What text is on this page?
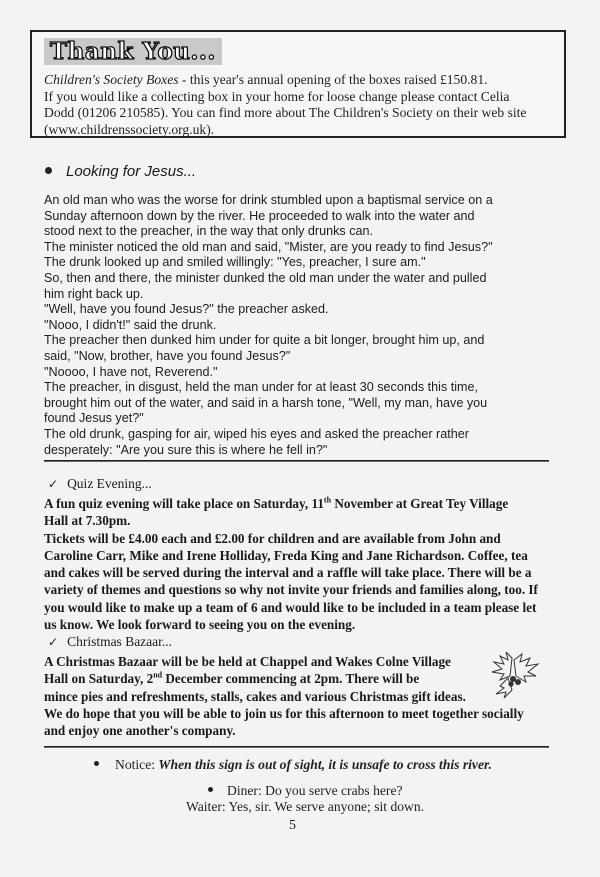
Thank You...
Children's Society Boxes - this year's annual opening of the boxes raised £150.81.
If you would like a collecting box in your home for loose change please contact Celia
Dodd (01206 210585). You can find more about The Children's Society on their web site
(www.childrenssociety.org.uk).
Looking for Jesus...

An old man who was the worse for drink stumbled upon a baptismal service on a

Sunday afternoon down by the river. He proceeded to walk into the water and

stood next to the preacher, in the way that only drunks can.

The minister noticed the old man and said, "Mister, are you ready to find Jesus?"

The drunk looked up and smiled willingly: "Yes, preacher, I sure am."

So, then and there, the minister dunked the old man under the water and pulled

him right back up.

"Well, have you found Jesus?" the preacher asked.

"Nooo, I didn't!" said the drunk.

The preacher then dunked him under for quite a bit longer, brought him up, and

said, "Now, brother, have you found Jesus?"

"Noooo, I have not, Reverend."

The preacher, in disgust, held the man under for at least 30 seconds this time,

brought him out of the water, and said in a harsh tone, "Well, my man, have you

found Jesus yet?"

The old drunk, gasping for air, wiped his eyes and asked the preacher rather

desperately: "Are you sure this is where he fell in?"

✓ Quiz Evening...
A fun quiz evening will take place on Saturday, 11th November at Great Tey Village
Hall at 7.30pm.
Tickets will be £4.00 each and £2.00 for children and are available from John and Caroline Carr, Mike and Irene Holliday, Freda King and Jane Richardson. Coffee, tea and cakes will be served during the interval and a raffle will take place. There will be a variety of themes and questions so why not invite your friends and families along, too. If you would like to make up a team of 6 and would like to be included in a team please let us know. We look forward to seeing you on the evening.
✓ Christmas Bazaar...
A Christmas Bazaar will be be held at Chappel and Wakes Colne Village
Hall on Saturday, 2nd December commencing at 2pm. There will be
mince pies and refreshments, stalls, cakes and various Christmas gift ideas.
We do hope that you will be able to join us for this afternoon to meet together socially
and enjoy one another's company.
Notice: When this sign is out of sight, it is unsafe to cross this river.
Diner: Do you serve crabs here?
Waiter: Yes, sir. We serve anyone; sit down.
5
